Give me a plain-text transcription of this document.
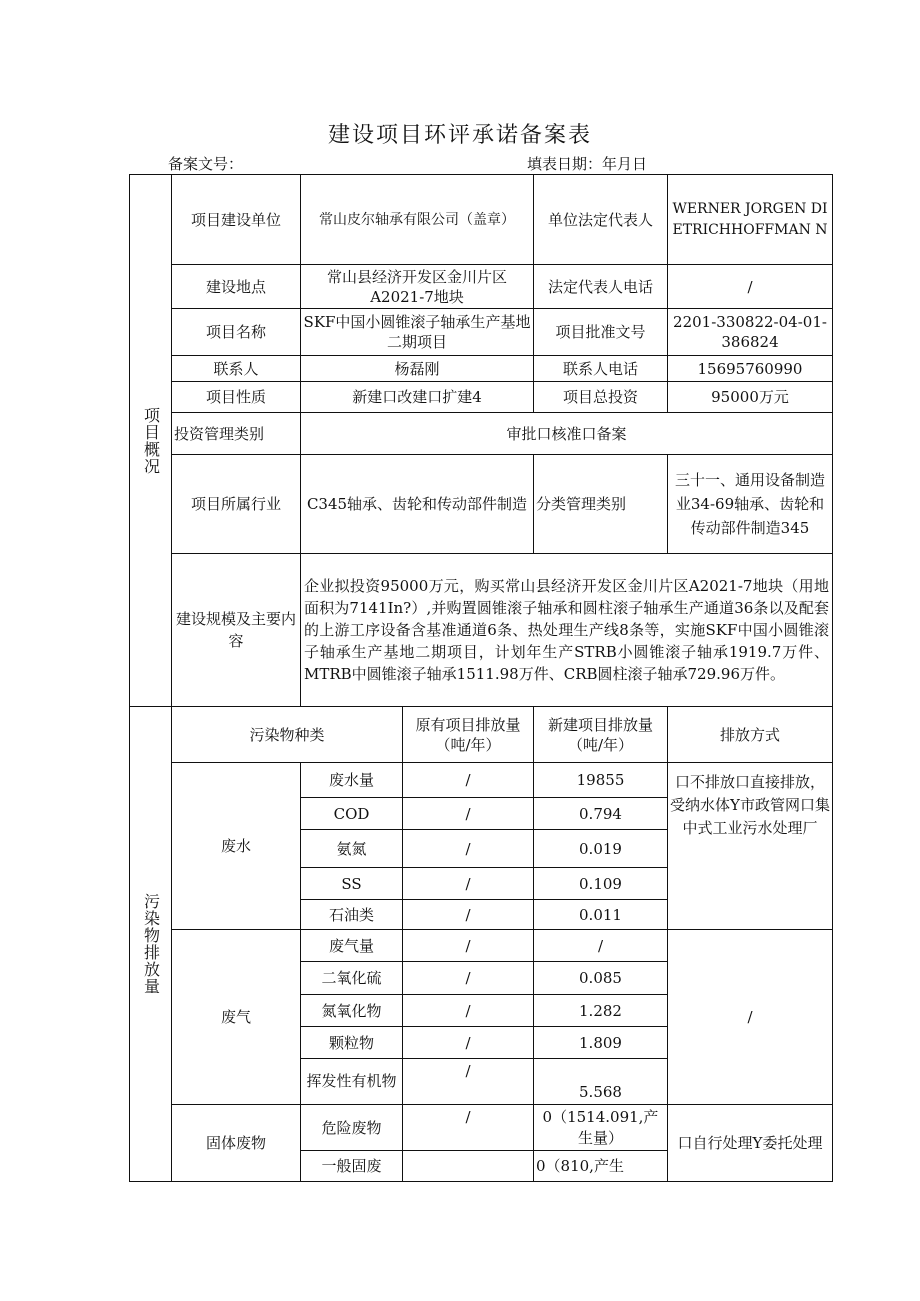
建设项目环评承诺备案表
备案文号：	填表日期：年月日
项目概况	项目建设单位	常山皮尔轴承有限公司（盖章）		单位法定代表人	WERNER JORGEN DIETRICHHOFFMAN N
	建设地点	常山县经济开发区金川片区A2021-7地块		法定代表人电话	/
	项目名称	SKF中国小圆锥滚子轴承生产基地二期项目		项目批准文号	2201-330822-04-01-386824
	联系人	杨磊刚		联系人电话	15695760990
	项目性质	新建口改建口扩建4		项目总投资	95000万元
	投资管理类别	审批口核准口备案			
	项目所属行业	C345轴承、齿轮和传动部件制造		分类管理类别	三十一、通用设备制造业34-69轴承、齿轮和传动部件制造345
	建设规模及主要内容	企业拟投资95000万元，购买常山县经济开发区金川片区A2021-7地块（用地面积为7141In?）,并购置圆锥滚子轴承和圆柱滚子轴承生产通道36条以及配套的上游工序设备含基准通道6条、热处理生产线8条等，实施SKF中国小圆锥滚子轴承生产基地二期项目，计划年生产STRB小圆锥滚子轴承1919.7万件、MTRB中圆锥滚子轴承1511.98万件、CRB圆柱滚子轴承729.96万件。			

污染物排放量	污染物种类		原有项目排放量（吨/年）	新建项目排放量（吨/年）	排放方式
	废水	废水量	/	19855	口不排放口直接排放，受纳水体Y市政管网口集中式工业污水处理厂
		COD	/	0.794	
		氨氮	/	0.019	
		SS	/	0.109	
		石油类	/	0.011	
	废气	废气量	/	/	/
		二氧化硫	/	0.085	
		氮氧化物	/	1.282	
		颗粒物	/	1.809	
		挥发性有机物	/	5.568	
	固体废物	危险废物	/	0（1514.091,产生量）	口自行处理Y委托处理
		一般固废		0（810,产生	
